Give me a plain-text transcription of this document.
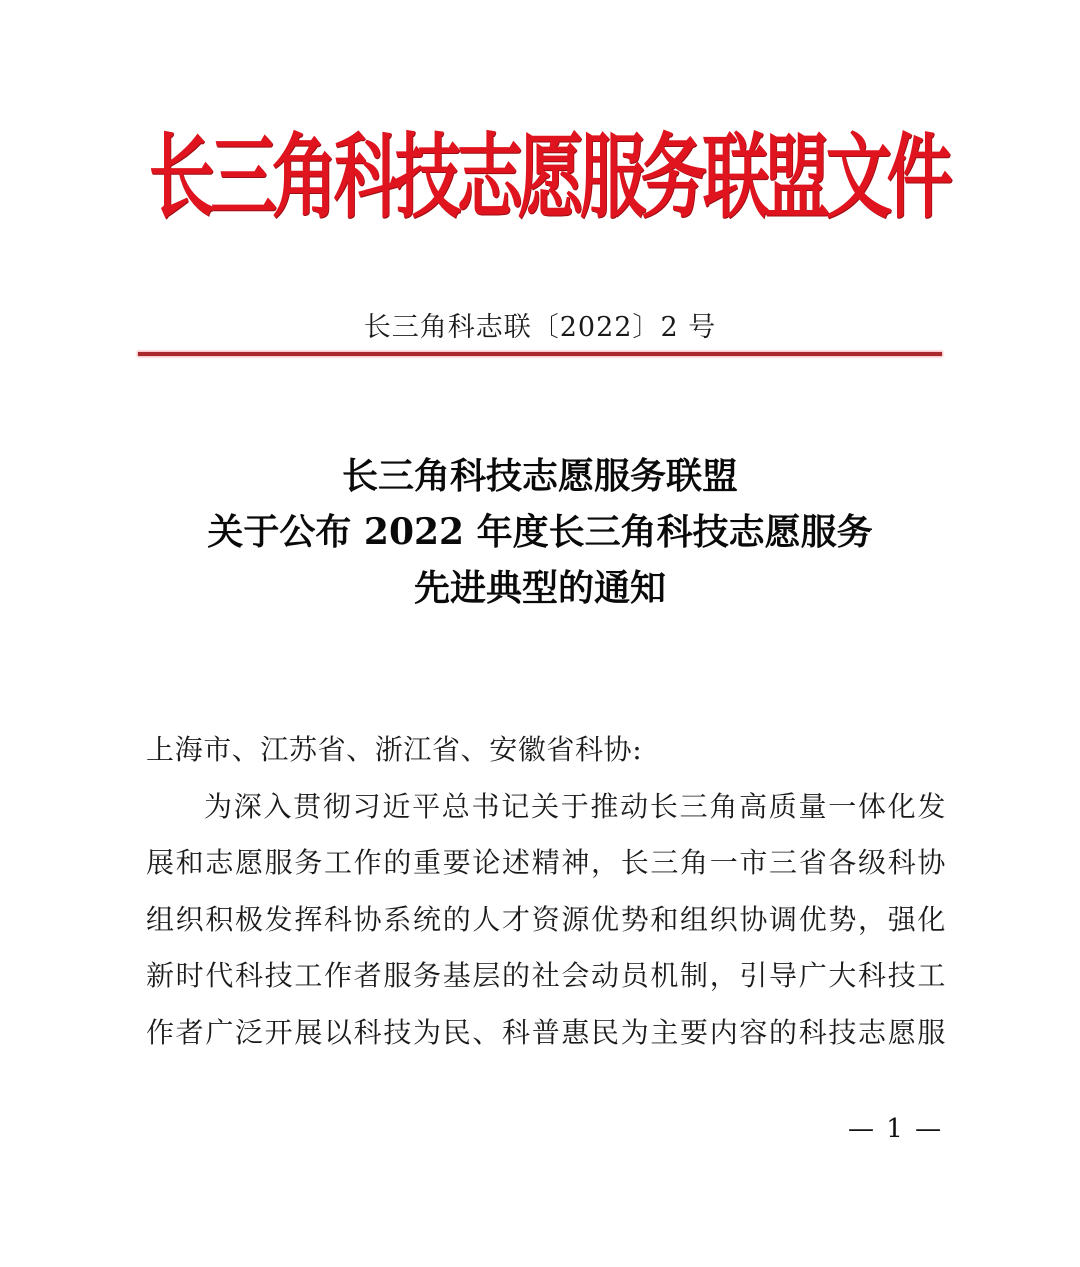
长
三
角
科
技
志
愿
服
务
联
盟
文
件
长三角科志联〔2022〕2 号
长三角科技志愿服务联盟
关于公布 2022 年度长三角科技志愿服务
先进典型的通知

上海市、江苏省、浙江省、安徽省科协:

为深入贯彻习近平总书记关于推动长三角高质量一体化发

展和志愿服务工作的重要论述精神，长三角一市三省各级科协

组织积极发挥科协系统的人才资源优势和组织协调优势，强化

新时代科技工作者服务基层的社会动员机制，引导广大科技工

作者广泛开展以科技为民、科普惠民为主要内容的科技志愿服

— 1 —
